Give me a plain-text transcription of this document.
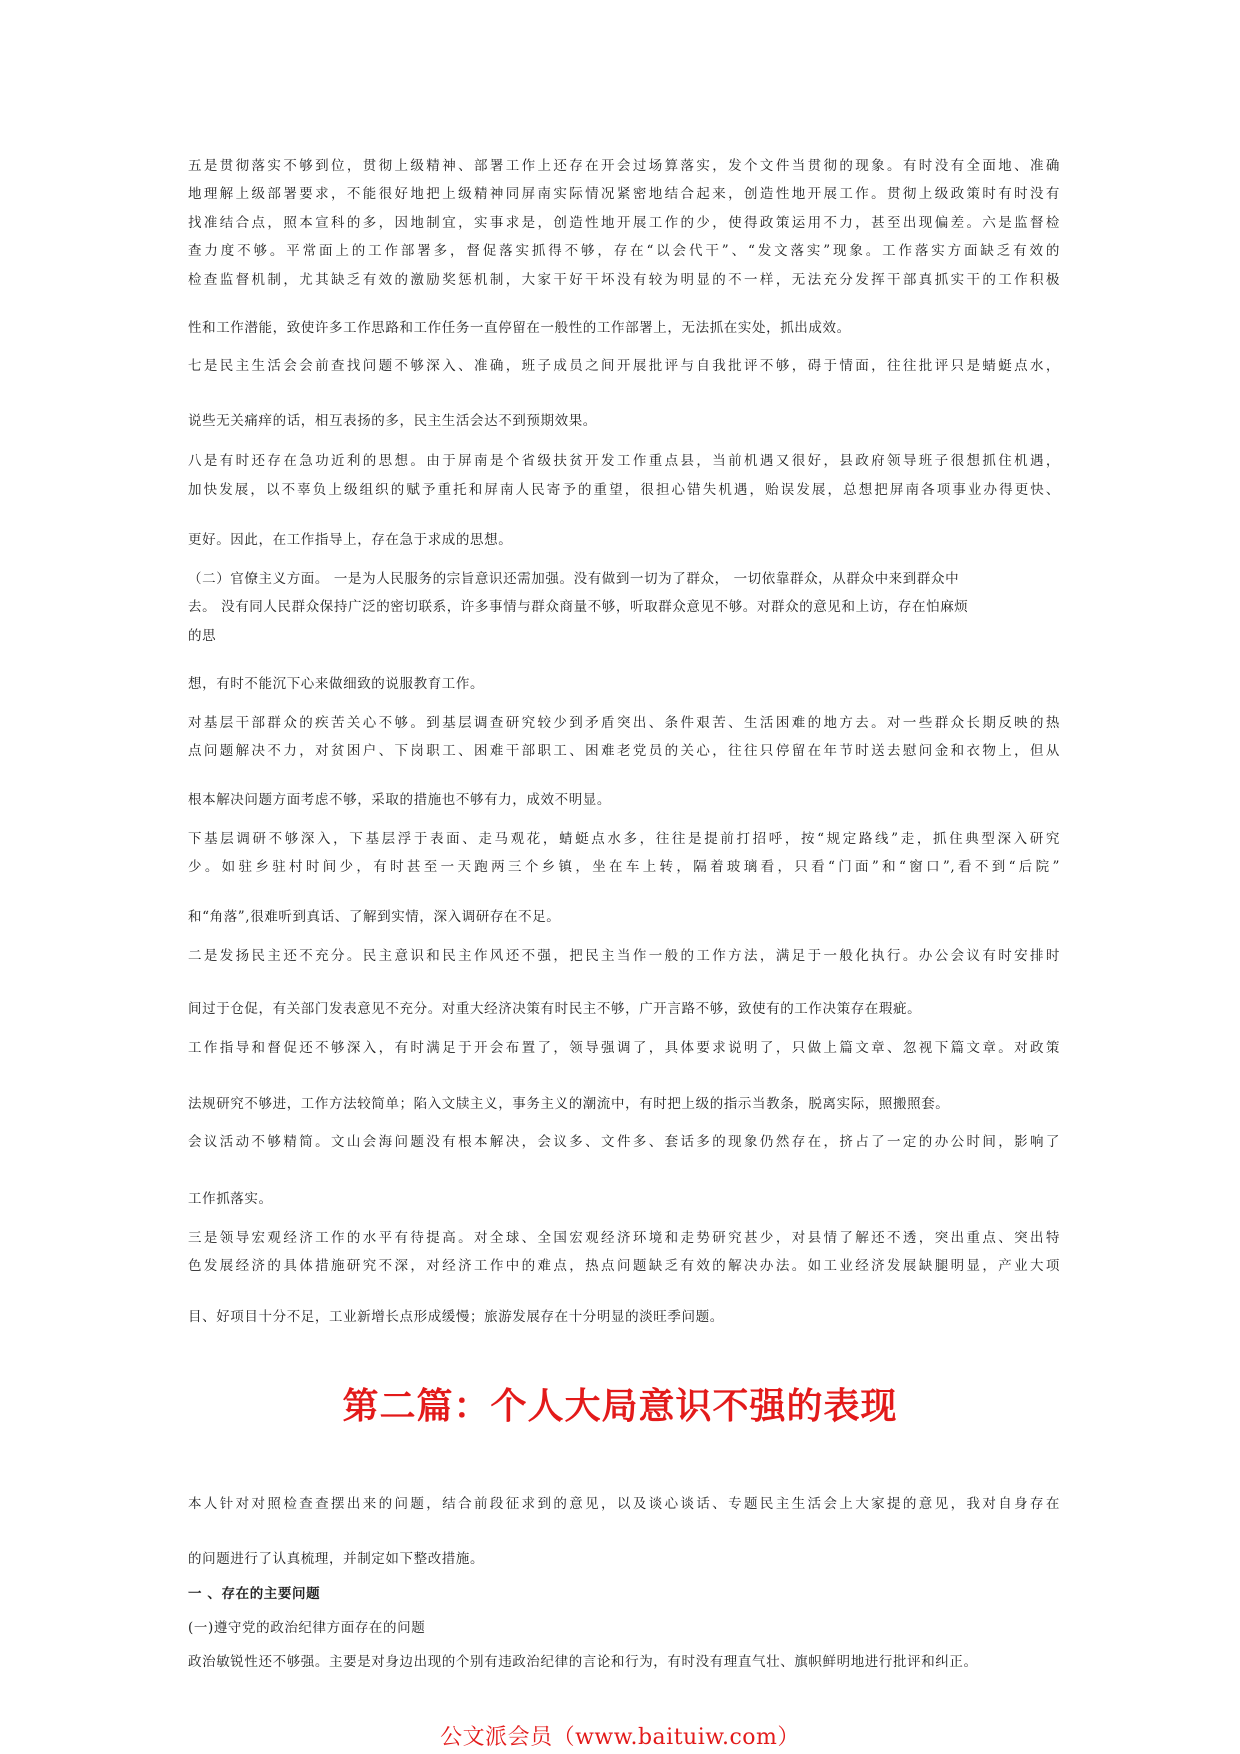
五是贯彻落实不够到位，贯彻上级精神、部署工作上还存在开会过场算落实，发个文件当贯彻的现象。有时没有全面地、准确

地理解上级部署要求，不能很好地把上级精神同屏南实际情况紧密地结合起来，创造性地开展工作。贯彻上级政策时有时没有

找准结合点，照本宣科的多，因地制宜，实事求是，创造性地开展工作的少，使得政策运用不力，甚至出现偏差。六是监督检

查力度不够。平常面上的工作部署多，督促落实抓得不够，存在“以会代干”、“发文落实”现象。工作落实方面缺乏有效的

检查监督机制，尤其缺乏有效的激励奖惩机制，大家干好干坏没有较为明显的不一样，无法充分发挥干部真抓实干的工作积极

性和工作潜能，致使许多工作思路和工作任务一直停留在一般性的工作部署上，无法抓在实处，抓出成效。

七是民主生活会会前查找问题不够深入、准确，班子成员之间开展批评与自我批评不够，碍于情面，往往批评只是蜻蜓点水，

说些无关痛痒的话，相互表扬的多，民主生活会达不到预期效果。

八是有时还存在急功近利的思想。由于屏南是个省级扶贫开发工作重点县，当前机遇又很好，县政府领导班子很想抓住机遇，

加快发展，以不辜负上级组织的赋予重托和屏南人民寄予的重望，很担心错失机遇，贻误发展，总想把屏南各项事业办得更快、

更好。因此，在工作指导上，存在急于求成的思想。

（二）官僚主义方面。 一是为人民服务的宗旨意识还需加强。没有做到一切为了群众， 一切依靠群众，从群众中来到群众中

去。 没有同人民群众保持广泛的密切联系，许多事情与群众商量不够，听取群众意见不够。对群众的意见和上访，存在怕麻烦

的思

想，有时不能沉下心来做细致的说服教育工作。

对基层干部群众的疾苦关心不够。到基层调查研究较少到矛盾突出、条件艰苦、生活困难的地方去。对一些群众长期反映的热

点问题解决不力，对贫困户、下岗职工、困难干部职工、困难老党员的关心，往往只停留在年节时送去慰问金和衣物上，但从

根本解决问题方面考虑不够，采取的措施也不够有力，成效不明显。

下基层调研不够深入，下基层浮于表面、走马观花，蜻蜓点水多，往往是提前打招呼，按“规定路线”走，抓住典型深入研究

少。如驻乡驻村时间少，有时甚至一天跑两三个乡镇，坐在车上转，隔着玻璃看，只看“门面”和“窗口”,看不到“后院”

和“角落”,很难听到真话、了解到实情，深入调研存在不足。

二是发扬民主还不充分。民主意识和民主作风还不强，把民主当作一般的工作方法，满足于一般化执行。办公会议有时安排时

间过于仓促，有关部门发表意见不充分。对重大经济决策有时民主不够，广开言路不够，致使有的工作决策存在瑕疵。

工作指导和督促还不够深入，有时满足于开会布置了，领导强调了，具体要求说明了，只做上篇文章、忽视下篇文章。对政策

法规研究不够进，工作方法较简单；陷入文牍主义，事务主义的潮流中，有时把上级的指示当教条，脱离实际，照搬照套。

会议活动不够精简。文山会海问题没有根本解决，会议多、文件多、套话多的现象仍然存在，挤占了一定的办公时间，影响了

工作抓落实。

三是领导宏观经济工作的水平有待提高。对全球、全国宏观经济环境和走势研究甚少，对县情了解还不透，突出重点、突出特

色发展经济的具体措施研究不深，对经济工作中的难点，热点问题缺乏有效的解决办法。如工业经济发展缺腿明显，产业大项

目、好项目十分不足，工业新增长点形成缓慢；旅游发展存在十分明显的淡旺季问题。

第二篇：个人大局意识不强的表现

本人针对对照检查查摆出来的问题，结合前段征求到的意见，以及谈心谈话、专题民主生活会上大家提的意见，我对自身存在

的问题进行了认真梳理，并制定如下整改措施。

一 、存在的主要问题

(一)遵守党的政治纪律方面存在的问题

政治敏锐性还不够强。主要是对身边出现的个别有违政治纪律的言论和行为，有时没有理直气壮、旗帜鲜明地进行批评和纠正。

公文派会员（www.baituiw.com）
